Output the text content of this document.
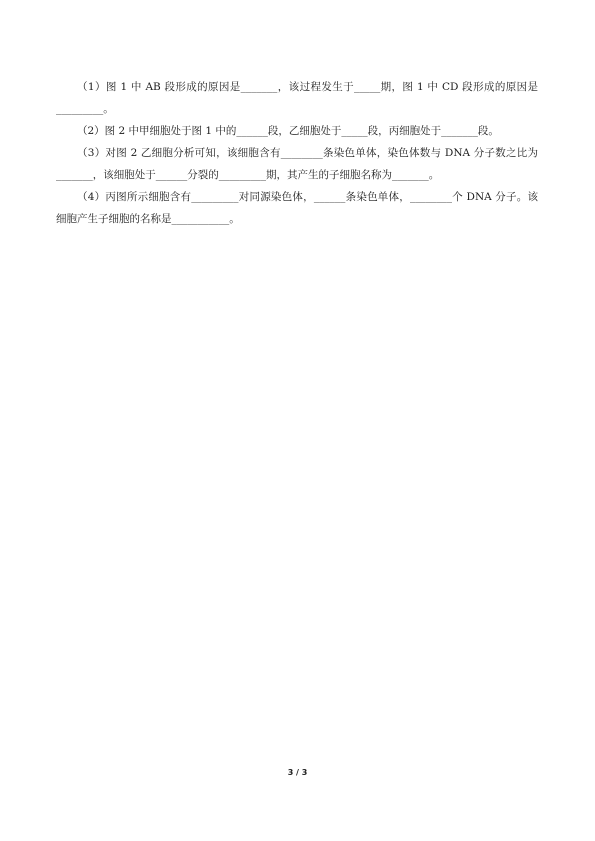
（1）图 1 中 AB 段形成的原因是_______，该过程发生于_____期，图 1 中 CD 段形成的原因是_________。

（2）图 2 中甲细胞处于图 1 中的______段，乙细胞处于_____段，丙细胞处于_______段。

（3）对图 2 乙细胞分析可知，该细胞含有________条染色单体，染色体数与 DNA 分子数之比为_______，该细胞处于______分裂的_________期，其产生的子细胞名称为_______。

（4）丙图所示细胞含有_________对同源染色体，______条染色单体，________个 DNA 分子。该细胞产生子细胞的名称是___________。

3 / 3
